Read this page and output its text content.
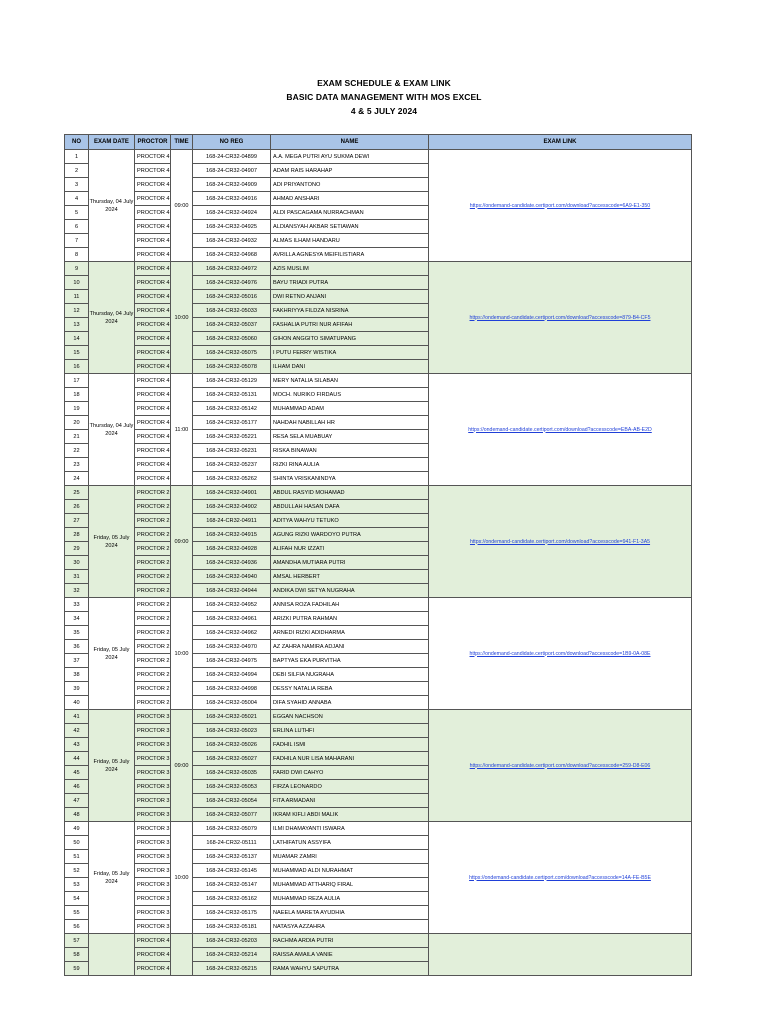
EXAM SCHEDULE & EXAM LINK
BASIC DATA MANAGEMENT WITH MOS EXCEL
4 & 5 JULY 2024
NO	EXAM DATE	PROCTOR	TIME	NO REG	NAME	EXAM LINK
1	Thursday, 04 July 2024	PROCTOR 4	09:00	168-24-CR32-04899	A.A. MEGA PUTRI AYU SUKMA DEWI	https://ondemand-candidate.certiport.com/download?accesscode=6A9-E1-350
2		PROCTOR 4		168-24-CR32-04907	ADAM RAIS HARAHAP	
3		PROCTOR 4		168-24-CR32-04909	ADI PRIYANTONO	
4		PROCTOR 4		168-24-CR32-04916	AHMAD ANSHARI	
5		PROCTOR 4		168-24-CR32-04924	ALDI PASCAGAMA NURRACHMAN	
6		PROCTOR 4		168-24-CR32-04925	ALDIANSYAH AKBAR SETIAWAN	
7		PROCTOR 4		168-24-CR32-04932	ALMAS ILHAM HANDARU	
8		PROCTOR 4		168-24-CR32-04968	AVRILLA AGNESYA MEIFILISTIARA	
9	Thursday, 04 July 2024	PROCTOR 4	10:00	168-24-CR32-04972	AZIS MUSLIM	https://ondemand-candidate.certiport.com/download?accesscode=879-B4-CF5
10		PROCTOR 4		168-24-CR32-04976	BAYU TRIADI PUTRA	
11		PROCTOR 4		168-24-CR32-05016	DWI RETNO ANJANI	
12		PROCTOR 4		168-24-CR32-05033	FAKHRIYYA FILDZA NISRINA	
13		PROCTOR 4		168-24-CR32-05037	FASHALIA PUTRI NUR AFIFAH	
14		PROCTOR 4		168-24-CR32-05060	GIHON ANGGITO SIMATUPANG	
15		PROCTOR 4		168-24-CR32-05075	I PUTU FERRY WISTIKA	
16		PROCTOR 4		168-24-CR32-05078	ILHAM DANI	
17	Thursday, 04 July 2024	PROCTOR 4	11:00	168-24-CR32-05129	MERY NATALIA SILABAN	https://ondemand-candidate.certiport.com/download?accesscode=EBA-AB-E2D
18		PROCTOR 4		168-24-CR32-05131	MOCH. NURIKO FIRDAUS	
19		PROCTOR 4		168-24-CR32-05142	MUHAMMAD ADAM	
20		PROCTOR 4		168-24-CR32-05177	NAHDAH NABILLAH HR	
21		PROCTOR 4		168-24-CR32-05221	RESA SELA MUABUAY	
22		PROCTOR 4		168-24-CR32-05231	RISKA BINAWAN	
23		PROCTOR 4		168-24-CR32-05237	RIZKI RINA AULIA	
24		PROCTOR 4		168-24-CR32-05262	SHINTA VRISKANINDYA	
25	Friday, 05 July 2024	PROCTOR 2	09:00	168-24-CR32-04901	ABDUL RASYID MOHAMAD	https://ondemand-candidate.certiport.com/download?accesscode=941-F1-3A5
26		PROCTOR 2		168-24-CR32-04902	ABDULLAH HASAN DAFA	
27		PROCTOR 2		168-24-CR32-04911	ADITYA WAHYU TETUKO	
28		PROCTOR 2		168-24-CR32-04915	AGUNG RIZKI WARDOYO PUTRA	
29		PROCTOR 2		168-24-CR32-04928	ALIFAH NUR IZZATI	
30		PROCTOR 2		168-24-CR32-04936	AMANDHA MUTIARA PUTRI	
31		PROCTOR 2		168-24-CR32-04940	AMSAL HERBERT	
32		PROCTOR 2		168-24-CR32-04944	ANDIKA DWI SETYA NUGRAHA	
33	Friday, 05 July 2024	PROCTOR 2	10:00	168-24-CR32-04952	ANNISA ROZA FADHILAH	https://ondemand-candidate.certiport.com/download?accesscode=1B9-0A-08E
34		PROCTOR 2		168-24-CR32-04961	ARIZKI PUTRA RAHMAN	
35		PROCTOR 2		168-24-CR32-04962	ARNEDI RIZKI ADIDHARMA	
36		PROCTOR 2		168-24-CR32-04970	AZ ZAHRA NAMIRA ADJANI	
37		PROCTOR 2		168-24-CR32-04975	BAPTYAS EKA PURVITHA	
38		PROCTOR 2		168-24-CR32-04994	DEBI SILFIA NUGRAHA	
39		PROCTOR 2		168-24-CR32-04998	DESSY NATALIA REBA	
40		PROCTOR 2		168-24-CR32-05004	DIFA SYAHID ANNABA	
41	Friday, 05 July 2024	PROCTOR 3	09:00	168-24-CR32-05021	EGGAN NACHSON	https://ondemand-candidate.certiport.com/download?accesscode=259-D8-E06
42		PROCTOR 3		168-24-CR32-05023	ERLINA LUTHFI	
43		PROCTOR 3		168-24-CR32-05026	FADHIL ISMI	
44		PROCTOR 3		168-24-CR32-05027	FADHILA NUR LISA MAHARANI	
45		PROCTOR 3		168-24-CR32-05035	FARID DWI CAHYO	
46		PROCTOR 3		168-24-CR32-05053	FIRZA LEONARDO	
47		PROCTOR 3		168-24-CR32-05054	FITA ARMADANI	
48		PROCTOR 3		168-24-CR32-05077	IKRAM KIFLI ABDI MALIK	
49	Friday, 05 July 2024	PROCTOR 3	10:00	168-24-CR32-05079	ILMI DHAMAYANTI ISWARA	https://ondemand-candidate.certiport.com/download?accesscode=14A-FE-B5E
50		PROCTOR 3		168-24-CR32-05111	LATHIFATUN ASSYIFA	
51		PROCTOR 3		168-24-CR32-05137	MUAMAR ZAMRI	
52		PROCTOR 3		168-24-CR32-05145	MUHAMMAD ALDI NURAHMAT	
53		PROCTOR 3		168-24-CR32-05147	MUHAMMAD ATTHARIQ FIRAL	
54		PROCTOR 3		168-24-CR32-05162	MUHAMMAD REZA AULIA	
55		PROCTOR 3		168-24-CR32-05175	NAEELA MARETA AYUDHIA	
56		PROCTOR 3		168-24-CR32-05181	NATASYA AZZAHRA	
57		PROCTOR 4		168-24-CR32-05203	RACHMA ARDIA PUTRI	
58		PROCTOR 4		168-24-CR32-05214	RAISSA AMAILA VANIE	
59		PROCTOR 4		168-24-CR32-05215	RAMA WAHYU SAPUTRA	
